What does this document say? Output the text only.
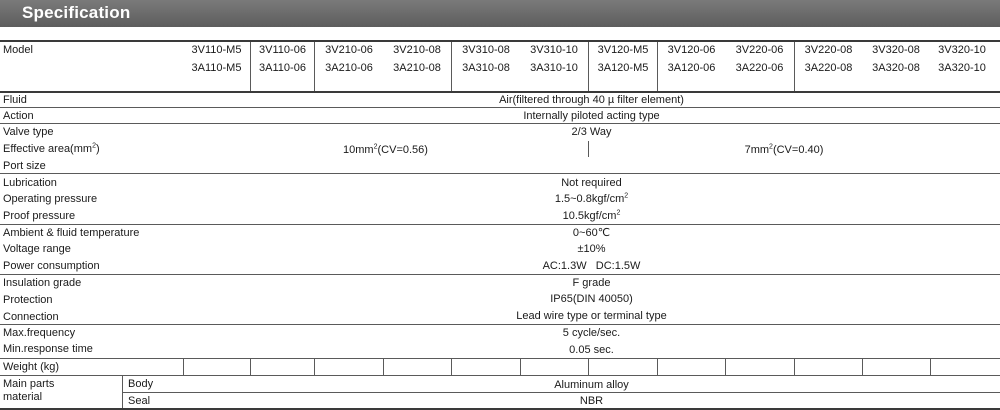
Specification
Model	3V110-M5	3V110-06	3V210-06	3V210-08	3V310-08	3V310-10	3V120-M5	3V120-06	3V220-06	3V220-08	3V320-08	3V320-10
3A110-M5	3A110-06	3A210-06	3A210-08	3A310-08	3A310-10	3A120-M5	3A120-06	3A220-06	3A220-08	3A320-08	3A320-10
Fluid	Air(filtered through 40 µ filter element)
Action	Internally piloted acting type
Valve type	2/3 Way
Effective $area(mm^2)$	$10mm^2(CV=0.56)$	$7mm^2(CV=0.40)$
Port size
Lubrication	Not required
Operating pressure	$1.5\sim 0.8kgf/cm^2$
Proof pressure	$10.5kgf/cm^2$
Ambient & fluid temperature	0~60℃
Voltage range	±10%
Power consumption	AC:1.3W   DC:1.5W
Insulation grade	F grade
Protection	IP65(DIN 40050)
Connection	Lead wire type or terminal type
Max.frequency	5 cycle/sec.
Min.response time	0.05 sec.
Weight (kg)
Main parts
material
Body	Aluminum alloy
Seal	NBR
